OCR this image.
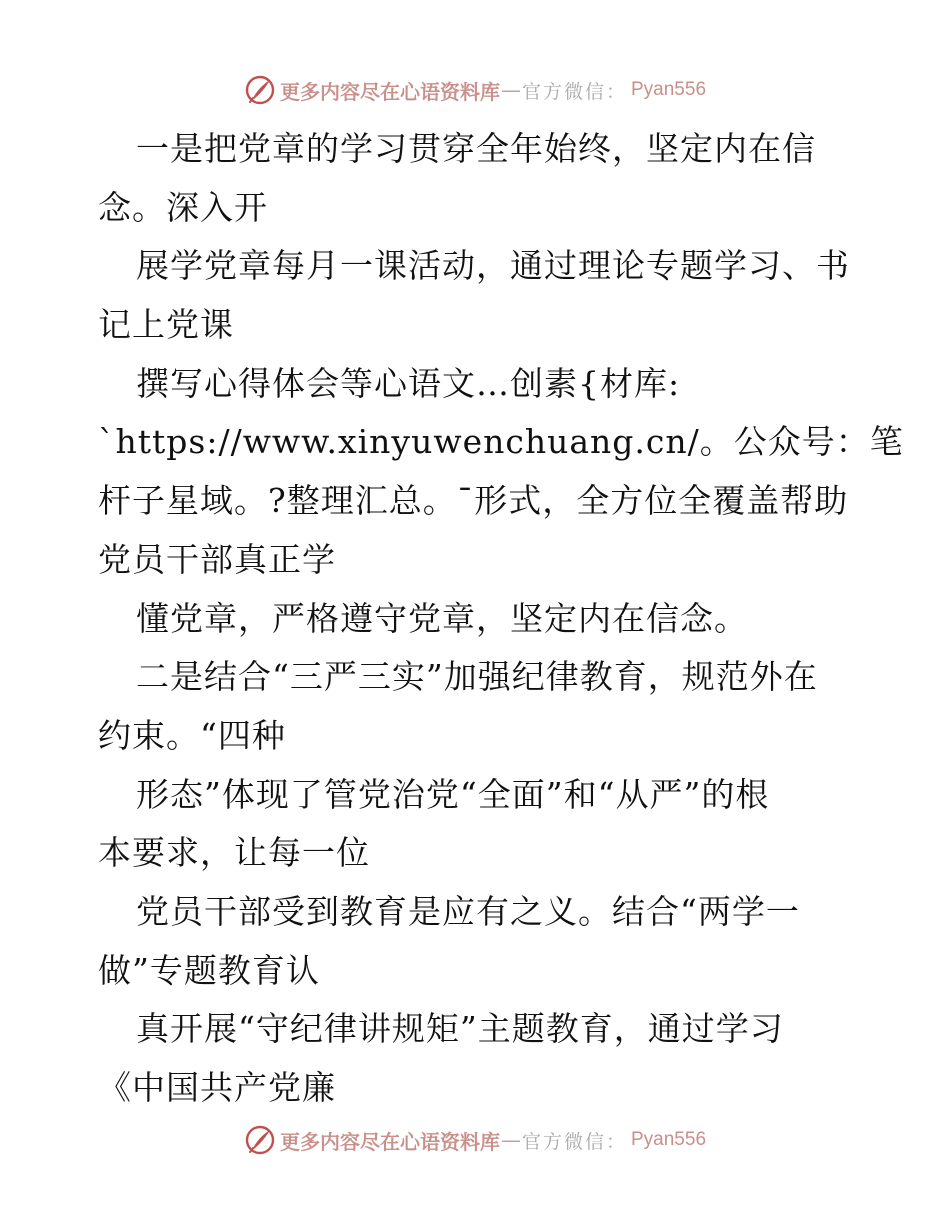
更多内容尽在心语资料库 — 官方微信： Pyan556
一是把党章的学习贯穿全年始终，坚定内在信
念。深入开
展学党章每月一课活动，通过理论专题学习、书
记上党课
撰写心得体会等心语文…创素{材库:
`https://www.xinyuwenchuang.cn/。公众号：笔
杆子星域。?整理汇总。¯形式，全方位全覆盖帮助
党员干部真正学
懂党章，严格遵守党章，坚定内在信念。
二是结合“三严三实”加强纪律教育，规范外在
约束。“四种
形态”体现了管党治党“全面”和“从严”的根
本要求，让每一位
党员干部受到教育是应有之义。结合“两学一
做”专题教育认
真开展“守纪律讲规矩”主题教育，通过学习
《中国共产党廉
更多内容尽在心语资料库 — 官方微信： Pyan556
